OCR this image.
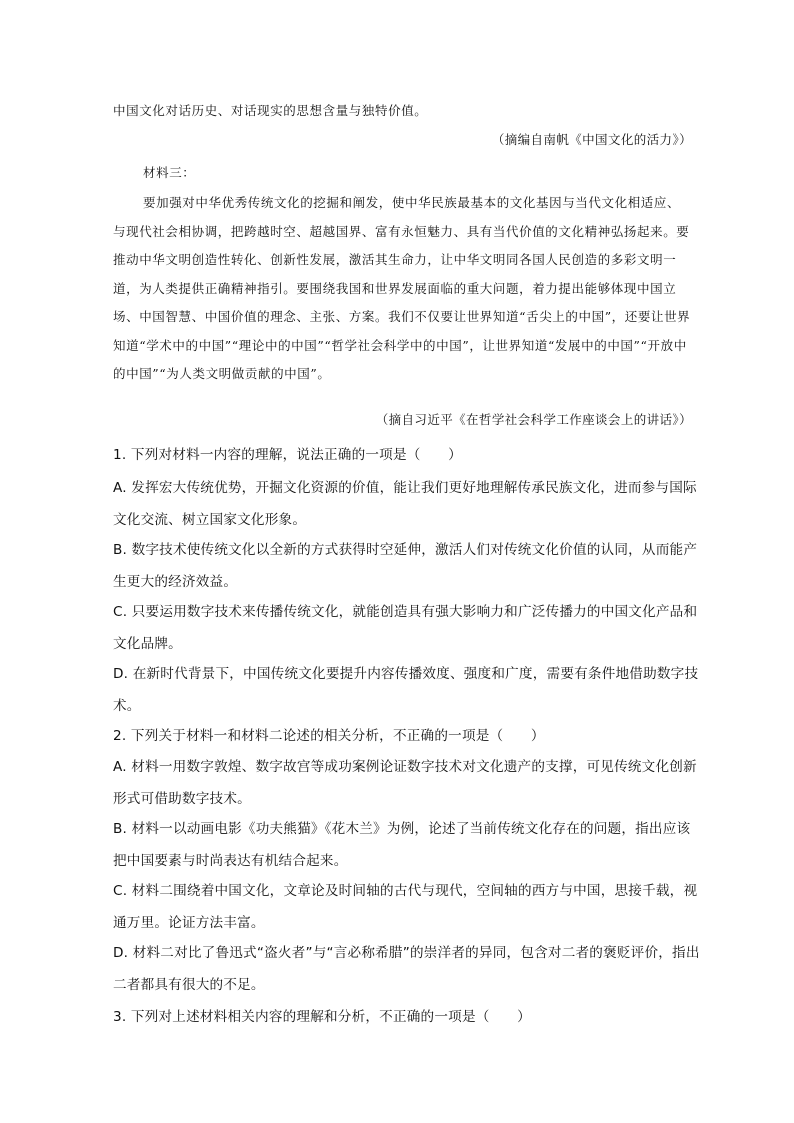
中国文化对话历史、对话现实的思想含量与独特价值。

（摘编自南帆《中国文化的活力》）

材料三：

要加强对中华优秀传统文化的挖掘和阐发，使中华民族最基本的文化基因与当代文化相适应、与现代社会相协调，把跨越时空、超越国界、富有永恒魅力、具有当代价值的文化精神弘扬起来。要推动中华文明创造性转化、创新性发展，激活其生命力，让中华文明同各国人民创造的多彩文明一道，为人类提供正确精神指引。要围绕我国和世界发展面临的重大问题，着力提出能够体现中国立场、中国智慧、中国价值的理念、主张、方案。我们不仅要让世界知道“舌尖上的中国”，还要让世界知道“学术中的中国”“理论中的中国”“哲学社会科学中的中国”，让世界知道“发展中的中国”“开放中的中国”“为人类文明做贡献的中国”。

（摘自习近平《在哲学社会科学工作座谈会上的讲话》）

1. 下列对材料一内容的理解，说法正确的一项是（　　）

A. 发挥宏大传统优势，开掘文化资源的价值，能让我们更好地理解传承民族文化，进而参与国际文化交流、树立国家文化形象。

B. 数字技术使传统文化以全新的方式获得时空延伸，激活人们对传统文化价值的认同，从而能产生更大的经济效益。

C. 只要运用数字技术来传播传统文化，就能创造具有强大影响力和广泛传播力的中国文化产品和文化品牌。

D. 在新时代背景下，中国传统文化要提升内容传播效度、强度和广度，需要有条件地借助数字技术。

2. 下列关于材料一和材料二论述的相关分析，不正确的一项是（　　）

A. 材料一用数字敦煌、数字故宫等成功案例论证数字技术对文化遗产的支撑，可见传统文化创新形式可借助数字技术。

B. 材料一以动画电影《功夫熊猫》《花木兰》为例，论述了当前传统文化存在的问题，指出应该把中国要素与时尚表达有机结合起来。

C. 材料二围绕着中国文化，文章论及时间轴的古代与现代，空间轴的西方与中国，思接千载，视通万里。论证方法丰富。

D. 材料二对比了鲁迅式“盗火者”与“言必称希腊”的崇洋者的异同，包含对二者的褒贬评价，指出二者都具有很大的不足。

3. 下列对上述材料相关内容的理解和分析，不正确的一项是（　　）
